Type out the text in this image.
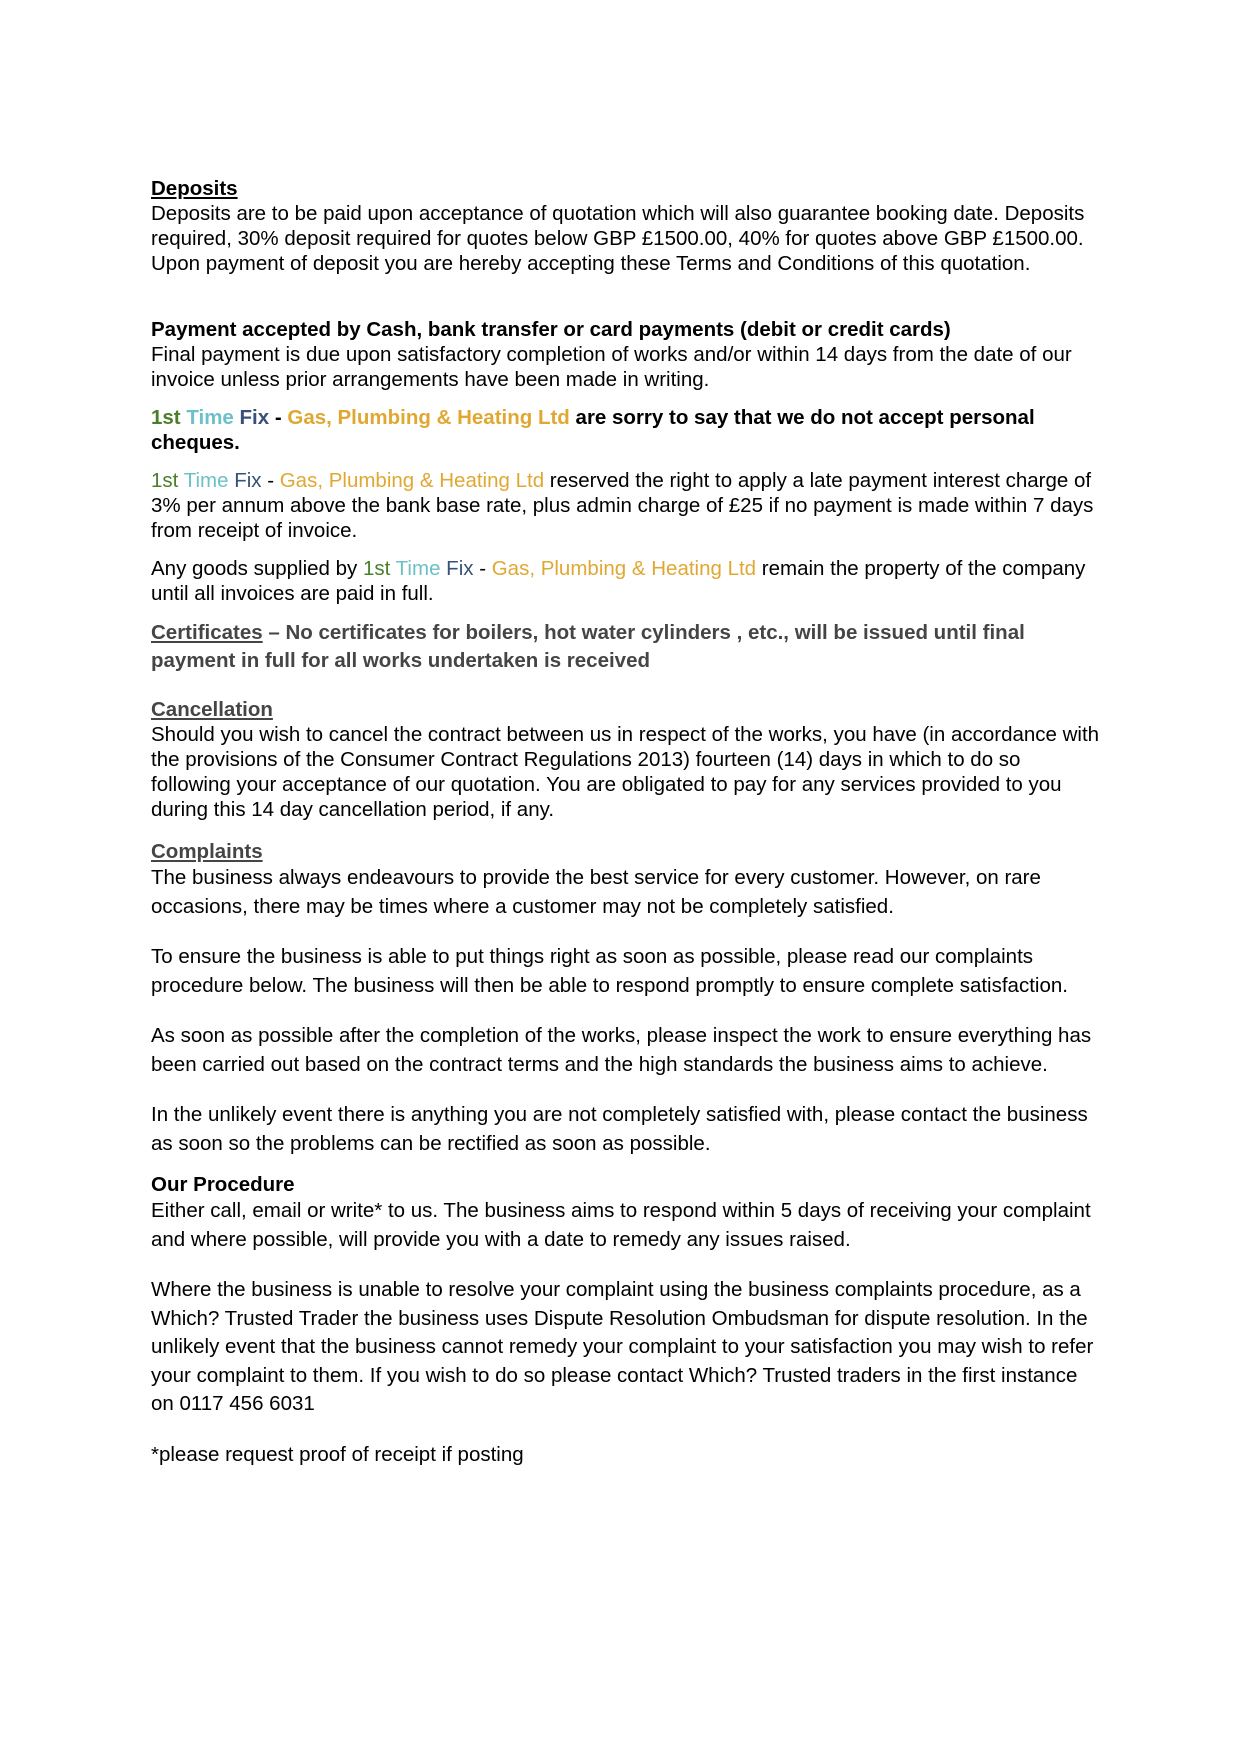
Deposits
Deposits are to be paid upon acceptance of quotation which will also guarantee booking date. Deposits required, 30% deposit required for quotes below GBP £1500.00, 40% for quotes above GBP £1500.00. Upon payment of deposit you are hereby accepting these Terms and Conditions of this quotation.
Payment accepted by Cash, bank transfer or card payments (debit or credit cards)
Final payment is due upon satisfactory completion of works and/or within 14 days from the date of our invoice unless prior arrangements have been made in writing.
1st Time Fix - Gas, Plumbing & Heating Ltd are sorry to say that we do not accept personal cheques.
1st Time Fix - Gas, Plumbing & Heating Ltd reserved the right to apply a late payment interest charge of 3% per annum above the bank base rate, plus admin charge of £25 if no payment is made within 7 days from receipt of invoice.
Any goods supplied by 1st Time Fix - Gas, Plumbing & Heating Ltd remain the property of the company until all invoices are paid in full.
Certificates – No certificates for boilers, hot water cylinders , etc., will be issued until final payment in full for all works undertaken is received
Cancellation
Should you wish to cancel the contract between us in respect of the works, you have (in accordance with the provisions of the Consumer Contract Regulations 2013) fourteen (14) days in which to do so following your acceptance of our quotation. You are obligated to pay for any services provided to you during this 14 day cancellation period, if any.
Complaints
The business always endeavours to provide the best service for every customer. However, on rare occasions, there may be times where a customer may not be completely satisfied.
To ensure the business is able to put things right as soon as possible, please read our complaints procedure below. The business will then be able to respond promptly to ensure complete satisfaction.
As soon as possible after the completion of the works, please inspect the work to ensure everything has been carried out based on the contract terms and the high standards the business aims to achieve.
In the unlikely event there is anything you are not completely satisfied with, please contact the business as soon so the problems can be rectified as soon as possible.
Our Procedure
Either call, email or write* to us. The business aims to respond within 5 days of receiving your complaint and where possible, will provide you with a date to remedy any issues raised.
Where the business is unable to resolve your complaint using the business complaints procedure, as a Which? Trusted Trader the business uses Dispute Resolution Ombudsman for dispute resolution. In the unlikely event that the business cannot remedy your complaint to your satisfaction you may wish to refer your complaint to them. If you wish to do so please contact Which? Trusted traders in the first instance on 0117 456 6031
*please request proof of receipt if posting
